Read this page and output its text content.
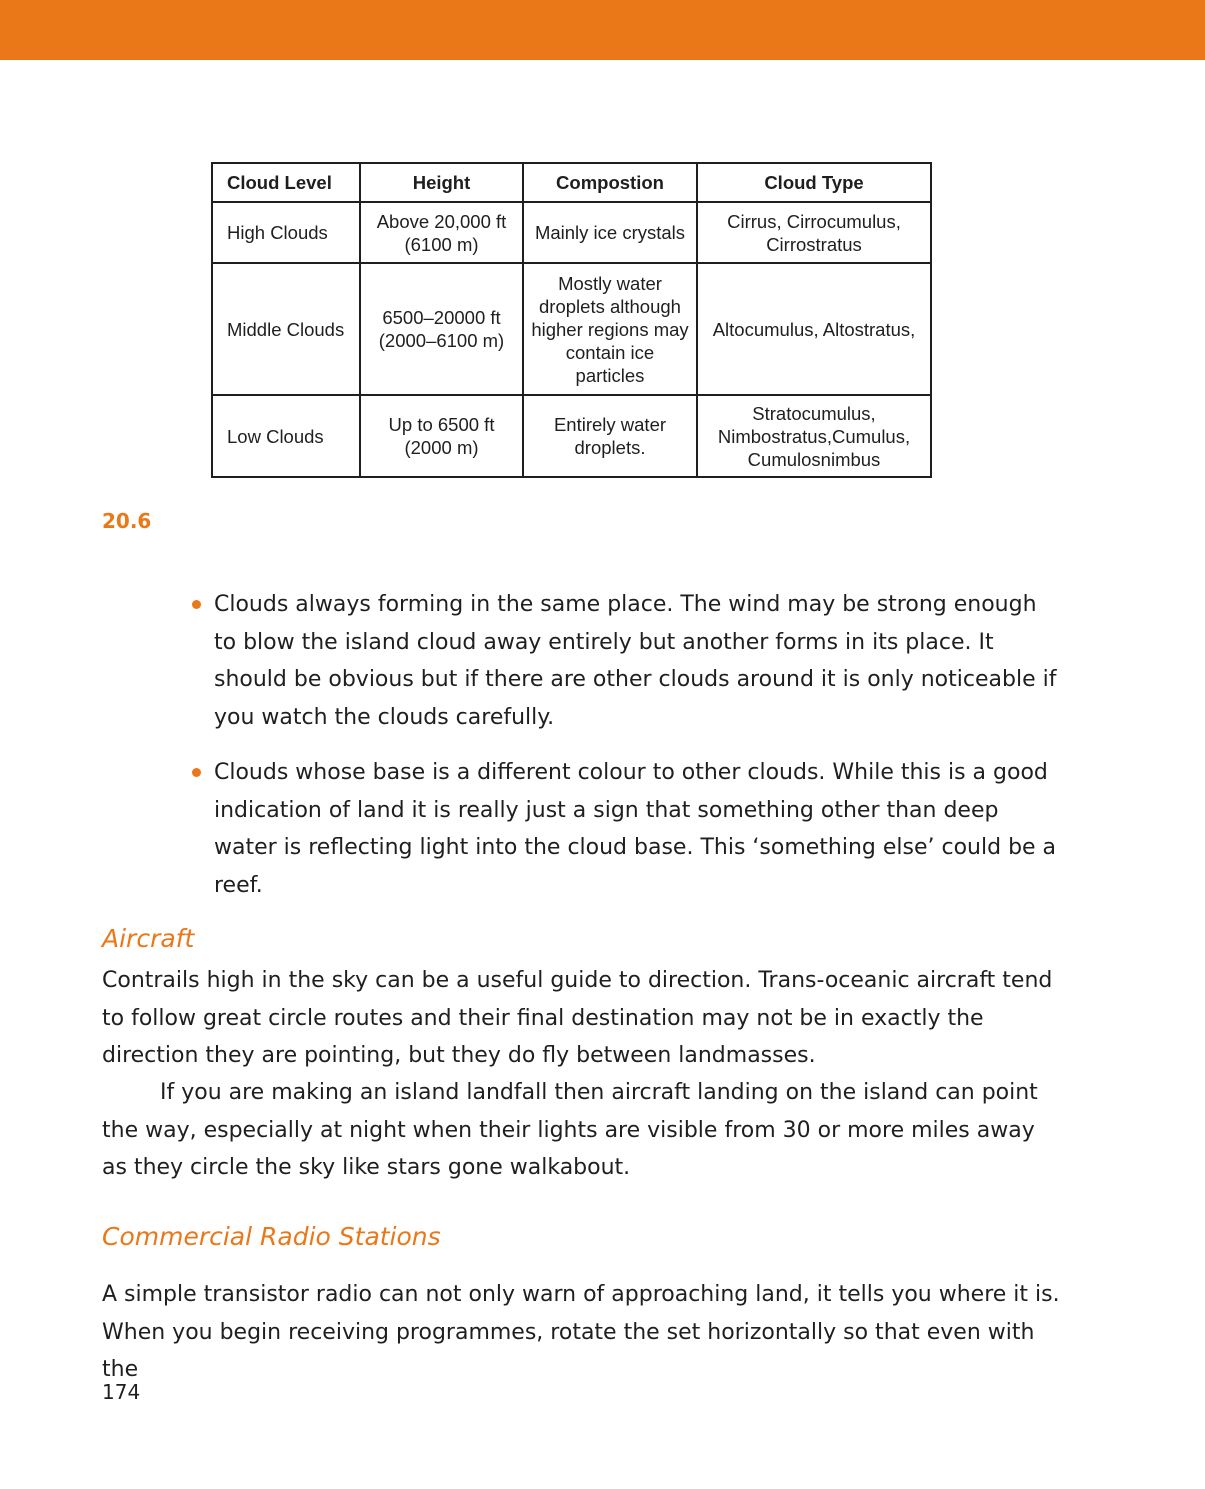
Cloud Level	Height	Compostion	Cloud Type
High Clouds	Above 20,000 ft (6100 m)	Mainly ice crystals	Cirrus, Cirrocumulus, Cirrostratus
Middle Clouds	6500–20000 ft (2000–6100 m)	Mostly water droplets although higher regions may contain ice particles	Altocumulus, Altostratus,
Low Clouds	Up to 6500 ft (2000 m)	Entirely water droplets.	Stratocumulus, Nimbostratus,Cumulus, Cumulosnimbus
20.6
Clouds always forming in the same place. The wind may be strong enough to blow the island cloud away entirely but another forms in its place. It should be obvious but if there are other clouds around it is only noticeable if you watch the clouds carefully.
Clouds whose base is a different colour to other clouds. While this is a good indication of land it is really just a sign that something other than deep water is reflecting light into the cloud base. This ‘something else’ could be a reef.
Aircraft

Contrails high in the sky can be a useful guide to direction. Trans-oceanic aircraft tend to follow great circle routes and their final destination may not be in exactly the direction they are pointing, but they do fly between landmasses.

If you are making an island landfall then aircraft landing on the island can point the way, especially at night when their lights are visible from 30 or more miles away as they circle the sky like stars gone walkabout.

Commercial Radio Stations

A simple transistor radio can not only warn of approaching land, it tells you where it is. When you begin receiving programmes, rotate the set horizontally so that even with the

174
